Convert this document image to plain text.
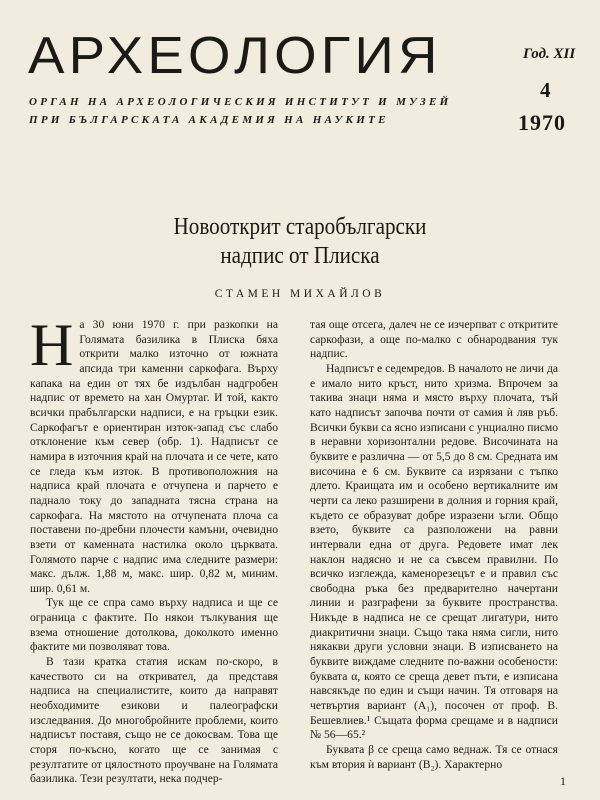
АРХЕОЛОГИЯ
ОРГАН НА АРХЕОЛОГИЧЕСКИЯ ИНСТИТУТ И МУЗЕЙ
ПРИ БЪЛГАРСКАТА АКАДЕМИЯ НА НАУКИТЕ
Год. XII
4
1970
Новооткрит старобългарски
надпис от Плиска
СТАМЕН МИХАЙЛОВ

На 30 юни 1970 г. при разкопки на Голямата базилика в Плиска бяха открити малко източно от южната апсида три каменни саркофага. Върху капака на един от тях бе издълбан надгробен надпис от времето на хан Омуртаг. И той, както всички прабългарски надписи, е на гръцки език. Саркофагът е ориентиран изток-запад със слабо отклонение към север (обр. 1). Надписът се намира в източния край на плочата и се чете, като се гледа към изток. В противоположния на надписа край плочата е отчупена и парчето е паднало току до западната тясна страна на саркофага. На мястото на отчупената плоча са поставени по-дребни плочести камъни, очевидно взети от каменната настилка около църквата. Голямото парче с надпис има следните размери: макс. дълж. 1,88 м, макс. шир. 0,82 м, миним. шир. 0,61 м.

Тук ще се спра само върху надписа и ще се ограница с фактите. По някои тълкувания ще взема отношение дотолкова, доколкото именно фактите ми позволяват това.

В тази кратка статия искам по-скоро, в качеството си на откривател, да представя надписа на специалистите, които да направят необходимите езикови и палеографски изследвания. До многобройните проблеми, които надписът поставя, също не се докосвам. Това ще сторя по-късно, когато ще се занимая с резултатите от цялостното проучване на Голямата базилика. Тези резултати, нека подчер-

тая още отсега, далеч не се изчерпват с откритите саркофази, а още по-малко с обнародвания тук надпис.

Надписът е седемредов. В началото не личи да е имало нито кръст, нито хризма. Впрочем за такива знаци няма и място върху плочата, тъй като надписът започва почти от самия ѝ ляв ръб. Всички букви са ясно изписани с унциално писмо в неравни хоризонтални редове. Височината на буквите е различна — от 5,5 до 8 см. Средната им височина е 6 см. Буквите са изрязани с тъпко длето. Краищата им и особено вертикалните им черти са леко разширени в долния и горния край, където се образуват добре изразени ъгли. Общо взето, буквите са разположени на равни интервали една от друга. Редовете имат лек наклон надясно и не са съвсем правилни. По всичко изглежда, каменорезецът е и правил със свободна ръка без предварително начертани линии и разграфени за буквите пространства. Никъде в надписа не се срещат лигатури, нито диакритични знаци. Също така няма сигли, нито някакви други условни знаци. В изписването на буквите виждаме следните по-важни особености: буквата α, която се среща девет пъти, е изписана навсякъде по един и същи начин. Тя отговаря на четвъртия вариант (A₁), посочен от проф. В. Бешевлиев.¹ Същата форма срещаме и в надписи № 56—65.²

Буквата β се среща само веднаж. Тя се отнася към втория ѝ вариант (B₂). Характерно

1
